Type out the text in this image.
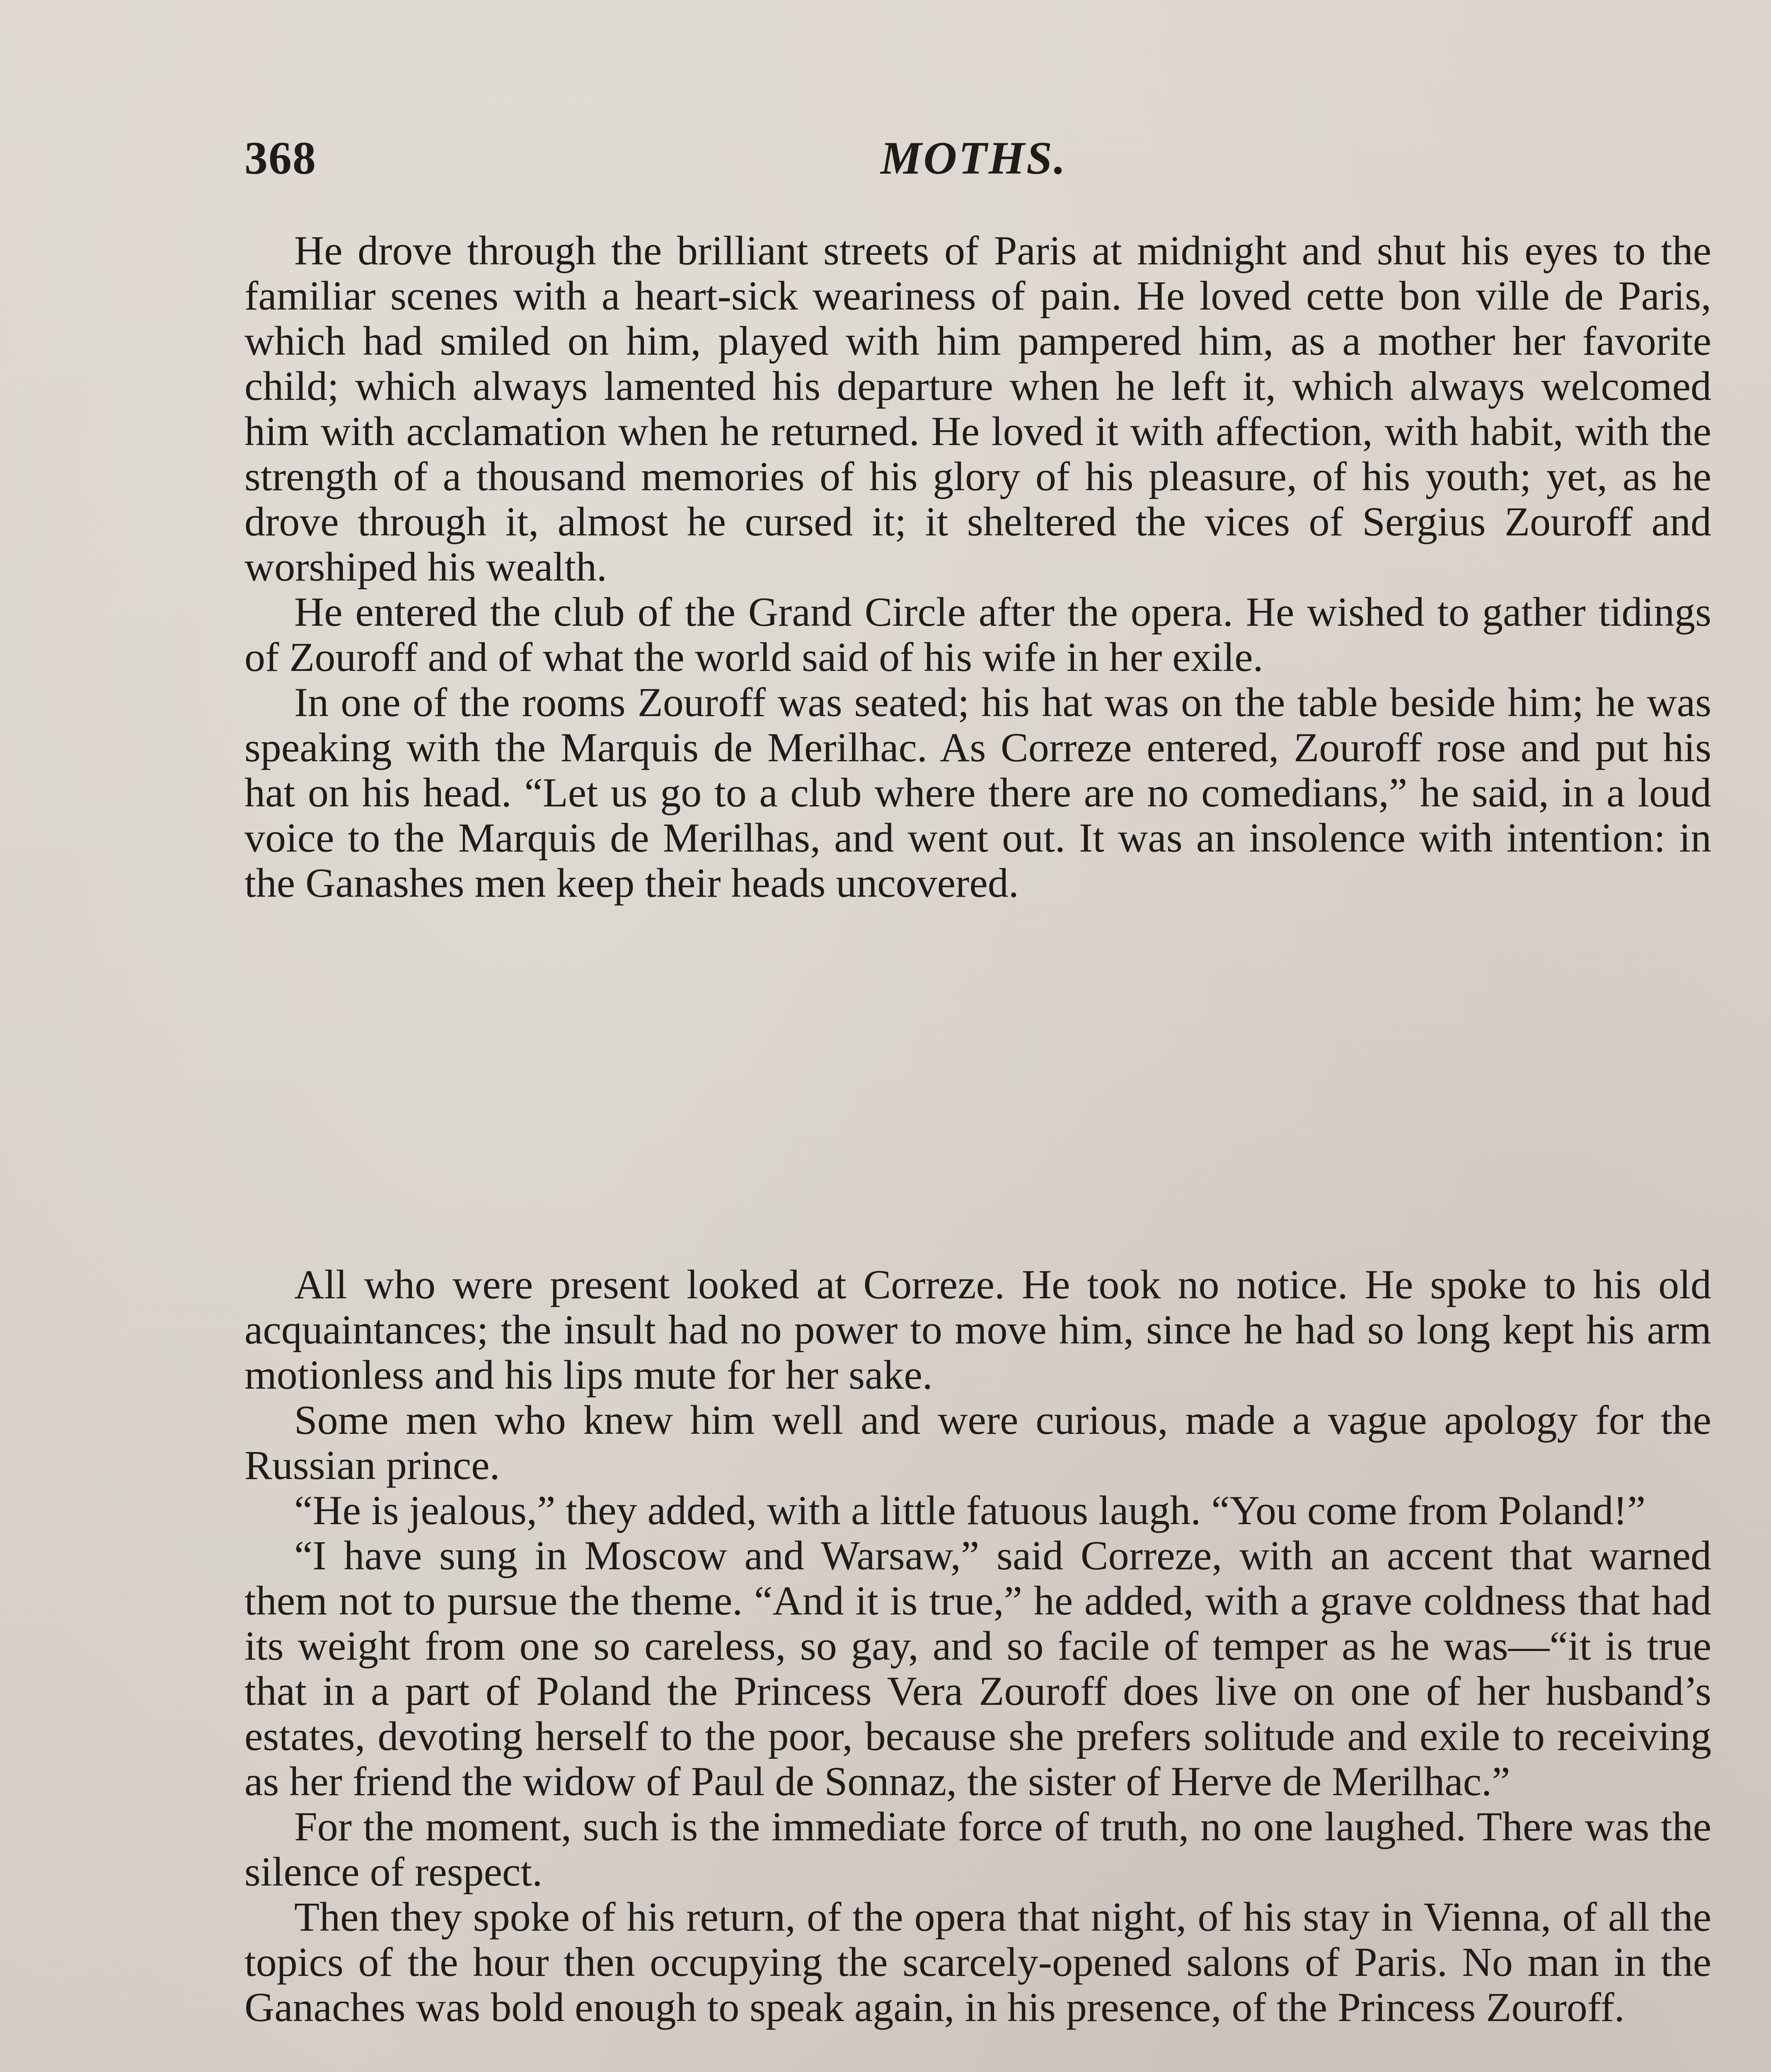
368	MOTHS.

He drove through the brilliant streets of Paris at midnight and shut his eyes to the familiar scenes with a heart-sick weariness of pain. He loved cette bon ville de Paris, which had smiled on him, played with him pampered him, as a mother her favorite child; which always lamented his departure when he left it, which always welcomed him with acclamation when he returned. He loved it with affection, with habit, with the strength of a thousand memories of his glory of his pleasure, of his youth; yet, as he drove through it, almost he cursed it; it sheltered the vices of Sergius Zouroff and worshiped his wealth.

He entered the club of the Grand Circle after the opera. He wished to gather tidings of Zouroff and of what the world said of his wife in her exile.

In one of the rooms Zouroff was seated; his hat was on the table beside him; he was speaking with the Marquis de Merilhac. As Correze entered, Zouroff rose and put his hat on his head. “Let us go to a club where there are no comedians,” he said, in a loud voice to the Marquis de Merilhas, and went out. It was an insolence with intention: in the Ganashes men keep their heads uncovered.

All who were present looked at Correze. He took no notice. He spoke to his old acquaintances; the insult had no power to move him, since he had so long kept his arm motionless and his lips mute for her sake.

Some men who knew him well and were curious, made a vague apology for the Russian prince.

“He is jealous,” they added, with a little fatuous laugh. “You come from Poland!”

“I have sung in Moscow and Warsaw,” said Correze, with an accent that warned them not to pursue the theme. “And it is true,” he added, with a grave coldness that had its weight from one so careless, so gay, and so facile of temper as he was—“it is true that in a part of Poland the Princess Vera Zouroff does live on one of her husband’s estates, devoting herself to the poor, because she prefers solitude and exile to receiving as her friend the widow of Paul de Sonnaz, the sister of Herve de Merilhac.”

For the moment, such is the immediate force of truth, no one laughed. There was the silence of respect.

Then they spoke of his return, of the opera that night, of his stay in Vienna, of all the topics of the hour then occupying the scarcely-opened salons of Paris. No man in the Ganaches was bold enough to speak again, in his presence, of the Princess Zouroff.
